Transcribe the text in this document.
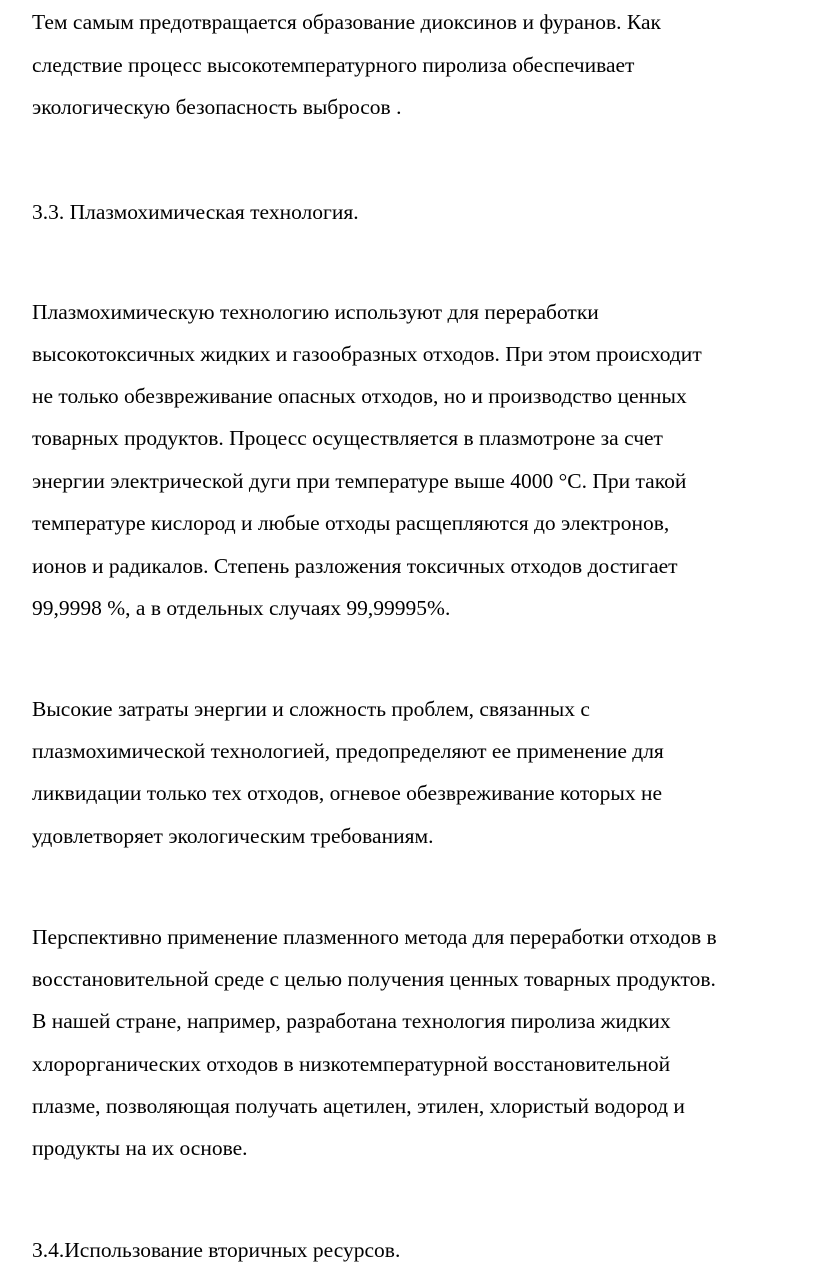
Тем самым предотвращается образование диоксинов и фуранов. Как
следствие процесс высокотемпературного пиролиза обеспечивает
экологическую безопасность выбросов .
3.3. Плазмохимическая технология.
Плазмохимическую технологию используют для переработки
высокотоксичных жидких и газообразных отходов. При этом происходит
не только обезвреживание опасных отходов, но и производство ценных
товарных продуктов. Процесс осуществляется в плазмотроне за счет
энергии электрической дуги при температуре выше 4000 °С. При такой
температуре кислород и любые отходы расщепляются до электронов,
ионов и радикалов. Степень разложения токсичных отходов достигает
99,9998 %, а в отдельных случаях 99,99995%.
Высокие затраты энергии и сложность проблем, связанных с
плазмохимической технологией, предопределяют ее применение для
ликвидации только тех отходов, огневое обезвреживание которых не
удовлетворяет экологическим требованиям.
Перспективно применение плазменного метода для переработки отходов в
восстановительной среде с целью получения ценных товарных продуктов.
В нашей стране, например, разработана технология пиролиза жидких
хлорорганических отходов в низкотемпературной восстановительной
плазме, позволяющая получать ацетилен, этилен, хлористый водород и
продукты на их основе.
3.4.Использование вторичных ресурсов.
